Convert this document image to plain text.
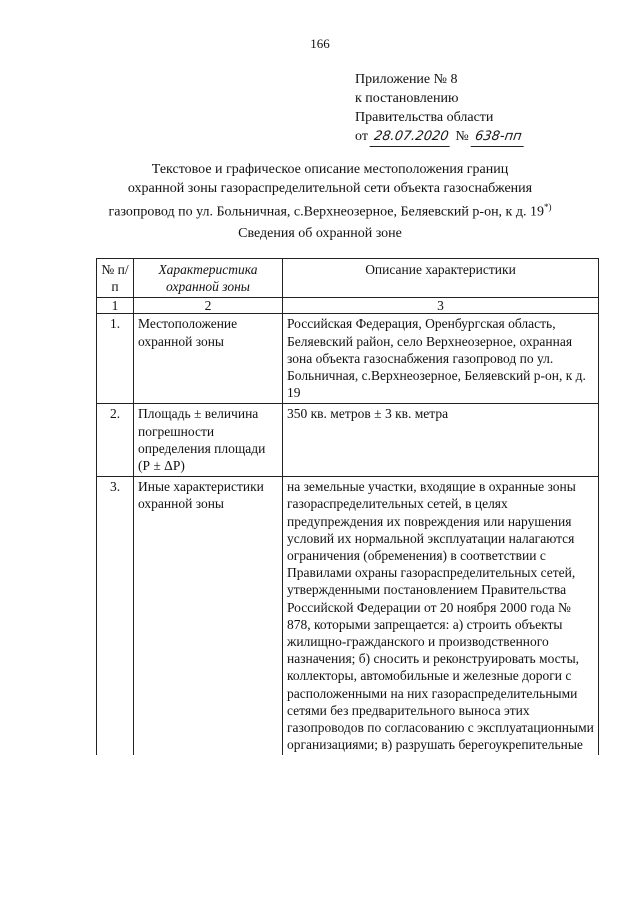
166
Приложение № 8
к постановлению
Правительства области
от 28.07.2020 № 638-пп
Текстовое и графическое описание местоположения границ
охранной зоны газораспределительной сети объекта газоснабжения
газопровод по ул. Больничная, с.Верхнеозерное, Беляевский р-он, к д. 19*)
Сведения об охранной зоне
№ п/п	Характеристика охранной зоны	Описание характеристики
1	2	3
1.	Местоположение охранной зоны	Российская Федерация, Оренбургская область, Беляевский район, село Верхнеозерное, охранная зона объекта газоснабжения газопровод по ул. Больничная, с.Верхнеозерное, Беляевский р-он, к д. 19
2.	Площадь ± величина погрешности определения площади (Р ± ΔР)	350 кв. метров ± 3 кв. метра
3.	Иные характеристики охранной зоны	на земельные участки, входящие в охранные зоны газораспределительных сетей, в целях предупреждения их повреждения или нарушения условий их нормальной эксплуатации налагаются ограничения (обременения) в соответствии с Правилами охраны газораспределительных сетей, утвержденными постановлением Правительства Российской Федерации от 20 ноября 2000 года № 878, которыми запрещается: а) строить объекты жилищно-гражданского и производственного назначения; б) сносить и реконструировать мосты, коллекторы, автомобильные и железные дороги с расположенными на них газораспределительными сетями без предварительного выноса этих газопроводов по согласованию с эксплуатационными организациями; в) разрушать берегоукрепительные
